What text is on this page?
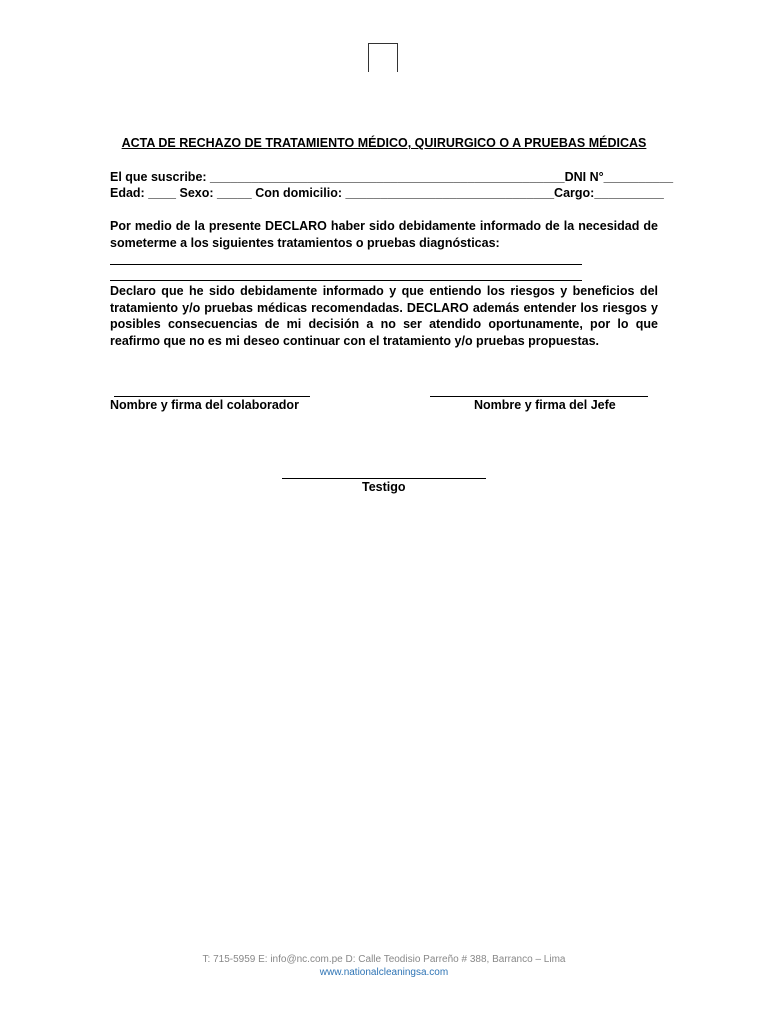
ACTA DE RECHAZO DE TRATAMIENTO MÉDICO, QUIRURGICO O A PRUEBAS MÉDICAS
El que suscribe: ___________________________________________________DNI N°__________
Edad: ____ Sexo: _____ Con domicilio: ______________________________Cargo:__________
Por medio de la presente DECLARO haber sido debidamente informado de la necesidad de someterme a los siguientes tratamientos o pruebas diagnósticas:
Declaro que he sido debidamente informado y que entiendo los riesgos y beneficios del tratamiento y/o pruebas médicas recomendadas. DECLARO además entender los riesgos y posibles consecuencias de mi decisión a no ser atendido oportunamente, por lo que reafirmo que no es mi deseo continuar con el tratamiento y/o pruebas propuestas.
Nombre y firma del colaborador	Nombre y firma del Jefe
Testigo
T: 715-5959 E: info@nc.com.pe D: Calle Teodisio Parreño # 388, Barranco – Lima
www.nationalcleaningsa.com
